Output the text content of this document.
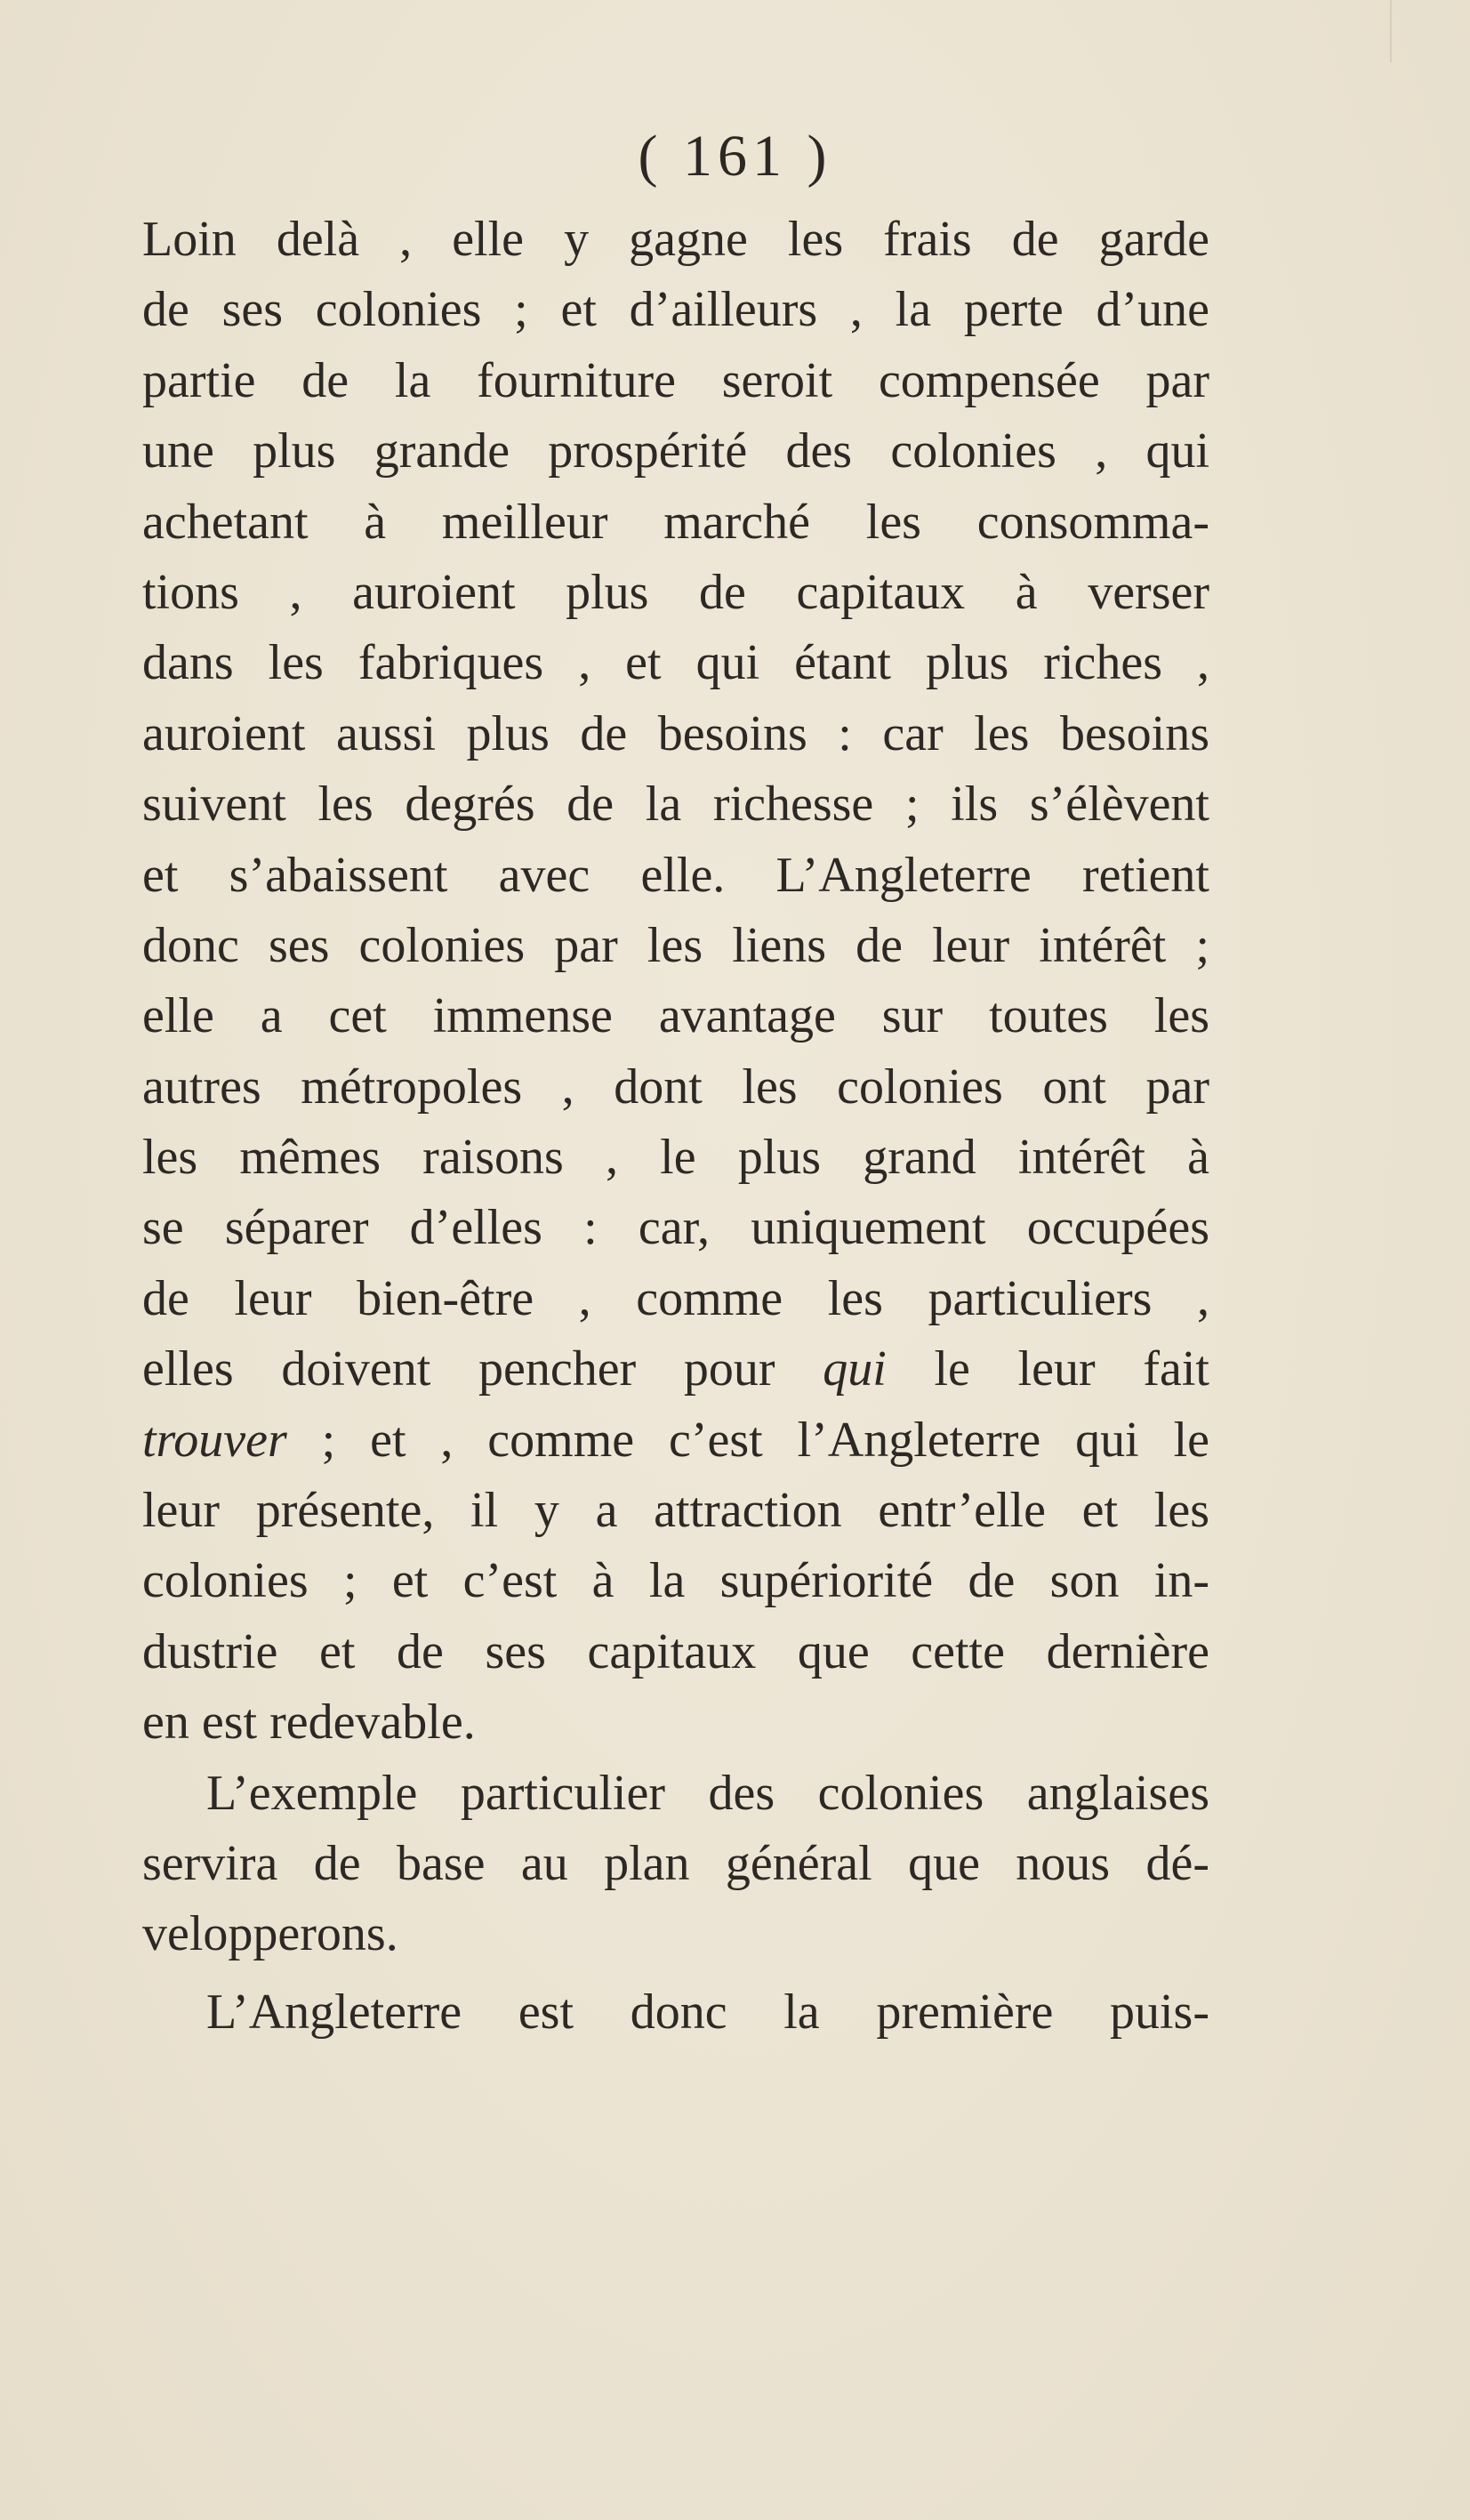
( 161 )
Loin delà , elle y gagne les frais de garde
de ses colonies ; et d’ailleurs , la perte d’une
partie de la fourniture seroit compensée par
une plus grande prospérité des colonies , qui
achetant à meilleur marché les consomma-
tions , auroient plus de capitaux à verser
dans les fabriques , et qui étant plus riches ,
auroient aussi plus de besoins : car les besoins
suivent les degrés de la richesse ; ils s’élèvent
et s’abaissent avec elle. L’Angleterre retient
donc ses colonies par les liens de leur intérêt ;
elle a cet immense avantage sur toutes les
autres métropoles , dont les colonies ont par
les mêmes raisons , le plus grand intérêt à
se séparer d’elles : car, uniquement occupées
de leur bien-être , comme les particuliers ,
elles doivent pencher pour qui le leur fait
trouver ; et , comme c’est l’Angleterre qui le
leur présente, il y a attraction entr’elle et les
colonies ; et c’est à la supériorité de son in-
dustrie et de ses capitaux que cette dernière
en est redevable.
L’exemple particulier des colonies anglaises
servira de base au plan général que nous dé-
velopperons.
L’Angleterre est donc la première puis-
